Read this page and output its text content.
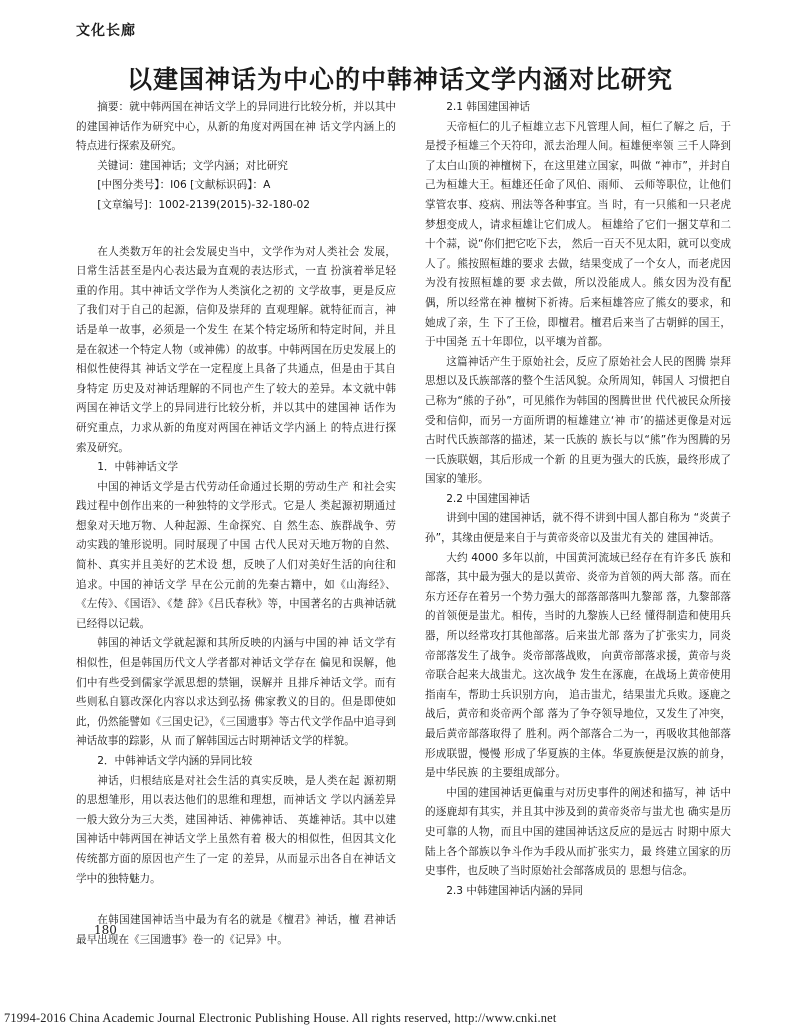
文化长廊
以建国神话为中心的中韩神话文学内涵对比研究

摘要：就中韩两国在神话文学上的异同进行比较分析，并以其中的建国神话作为研究中心，从新的角度对两国在神 话文学内涵上的特点进行探索及研究。

关键词：建国神话；文学内涵；对比研究

[中图分类号】：I06 [文献标识码】：A

[文章编号]：1002-2139(2015)-32-180-02

在人类数万年的社会发展史当中，文学作为对人类社会 发展，日常生活甚至是内心表达最为直观的表达形式，一直 扮演着举足轻重的作用。其中神话文学作为人类演化之初的 文学故事，更是反应了我们对于自己的起源，信仰及崇拜的 直观理解。就特征而言，神话是单一故事，必须是一个发生 在某个特定场所和特定时间，并且是在叙述一个特定人物（或神佛）的故事。中韩两国在历史发展上的相似性使得其 神话文学在一定程度上具备了共通点，但是由于其自身特定 历史及对神话理解的不同也产生了较大的差异。本文就中韩 两国在神话文学上的异同进行比较分析，并以其中的建国神 话作为研究重点，力求从新的角度对两国在神话文学内涵上 的特点进行探索及研究。

1．中韩神话文学

中国的神话文学是古代劳动任命通过长期的劳动生产 和社会实践过程中创作出来的一种独特的文学形式。它是人 类起源初期通过想象对天地万物、人种起源、生命探究、自 然生态、族群战争、劳动实践的雏形说明。同时展现了中国 古代人民对天地万物的自然、简朴、真实并且美好的艺术设 想，反映了人们对美好生活的向往和追求。中国的神话文学 早在公元前的先秦古籍中，如《山海经》、《左传》、《国语》、《楚 辞》《吕氏春秋》等，中国著名的古典神话就已经得以记载。

韩国的神话文学就起源和其所反映的内涵与中国的神 话文学有相似性，但是韩国历代文人学者都对神话文学存在 偏见和误解，他们中有些受到儒家学派思想的禁锢，误解并 且排斥神话文学。而有些则私自篡改深化内容以求达到弘扬 佛家教义的目的。但是即使如此，仍然能譬如《三国史记》，《三国遗事》等古代文学作品中追寻到神话故事的踪影，从 而了解韩国远古时期神话文学的样貌。

2．中韩神话文学内涵的异同比较

神话，归根结底是对社会生活的真实反映，是人类在起 源初期的思想雏形，用以表达他们的思维和理想，而神话文 学以内涵差异一般大致分为三大类，建国神话、神佛神话、 英雄神话。其中以建国神话中韩两国在神话文学上虽然有着 极大的相似性，但因其文化传统都方面的原因也产生了一定 的差异，从而显示出各自在神话文学中的独特魅力。

在韩国建国神话当中最为有名的就是《檀君》神话，檀 君神话最早出现在《三国遗事》卷一的《记异》中。

180

2.1 韩国建国神话

天帝桓仁的儿子桓雄立志下凡管理人间，桓仁了解之 后，于是授予桓雄三个天符印，派去治理人间。桓雄便率领 三千人降到了太白山顶的神檀树下，在这里建立国家，叫做 “神市”，并封自己为桓雄大王。桓雄还任命了风伯、雨师、 云师等职位，让他们掌管农事、疫病、刑法等各种事宜。当 时，有一只熊和一只老虎梦想变成人，请求桓雄让它们成人。 桓雄给了它们一捆艾草和二十个蒜，说“你们把它吃下去， 然后一百天不见太阳，就可以变成人了。熊按照桓雄的要求 去做，结果变成了一个女人，而老虎因为没有按照桓雄的要 求去做，所以没能成人。熊女因为没有配偶，所以经常在神 檀树下祈祷。后来桓雄答应了熊女的要求，和她成了亲，生 下了王俭，即檀君。檀君后来当了古朝鲜的国王，于中国尧 五十年即位，以平壤为首都。

这篇神话产生于原始社会，反应了原始社会人民的图腾 崇拜思想以及氏族部落的整个生活风貌。众所周知，韩国人 习惯把自己称为“熊的子孙”，可见熊作为韩国的图腾世世 代代被民众所接受和信仰，而另一方面所谓的桓雄建立‘神 市’的描述更像是对远古时代氏族部落的描述，某一氏族的 族长与以“熊”作为图腾的另一氏族联姻，其后形成一个新 的且更为强大的氏族，最终形成了国家的雏形。

2.2 中国建国神话

讲到中国的建国神话，就不得不讲到中国人都自称为 “炎黄子孙”，其缘由便是来自于与黄帝炎帝以及蚩尤有关的 建国神话。

大约 4000 多年以前，中国黄河流域已经存在有许多氏 族和部落，其中最为强大的是以黄帝、炎帝为首领的两大部 落。而在东方还存在着另一个势力强大的部落部落叫九黎部 落，九黎部落的首领便是蚩尤。相传，当时的九黎族人已经 懂得制造和使用兵器，所以经常攻打其他部落。后来蚩尤部 落为了扩张实力，同炎帝部落发生了战争。炎帝部落战败， 向黄帝部落求援，黄帝与炎帝联合起来大战蚩尤。这次战争 发生在涿鹿，在战场上黄帝使用指南车，帮助士兵识别方向， 追击蚩尤，结果蚩尤兵败。逐鹿之战后，黄帝和炎帝两个部 落为了争夺领导地位，又发生了冲突，最后黄帝部落取得了 胜利。两个部落合二为一，再吸收其他部落形成联盟，慢慢 形成了华夏族的主体。华夏族便是汉族的前身，是中华民族 的主要组成部分。

中国的建国神话更偏重与对历史事件的阐述和描写，神 话中的逐鹿却有其实，并且其中涉及到的黄帝炎帝与蚩尤也 确实是历史可靠的人物，而且中国的建国神话这反应的是远古 时期中原大陆上各个部族以争斗作为手段从而扩张实力，最 终建立国家的历史事件，也反映了当时原始社会部落成员的 思想与信念。

2.3 中韩建国神话内涵的异同

71994-2016 China Academic Journal Electronic Publishing House. All rights reserved, http://www.cnki.net
